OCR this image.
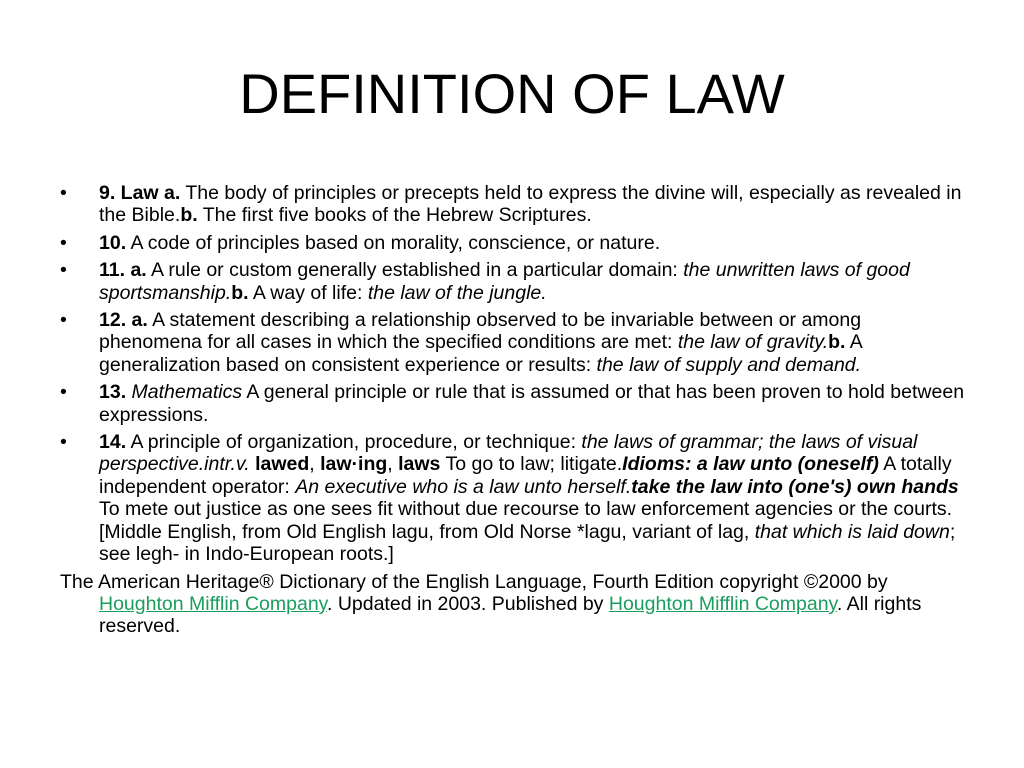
DEFINITION OF LAW
• 9. Law a. The body of principles or precepts held to express the divine will, especially as revealed in the Bible.b. The first five books of the Hebrew Scriptures.
• 10. A code of principles based on morality, conscience, or nature.
• 11. a. A rule or custom generally established in a particular domain: the unwritten laws of good sportsmanship.b. A way of life: the law of the jungle.
• 12. a. A statement describing a relationship observed to be invariable between or among phenomena for all cases in which the specified conditions are met: the law of gravity.b. A generalization based on consistent experience or results: the law of supply and demand.
• 13. Mathematics A general principle or rule that is assumed or that has been proven to hold between expressions.
• 14. A principle of organization, procedure, or technique: the laws of grammar; the laws of visual perspective.intr.v. lawed, law·ing, laws To go to law; litigate.Idioms: a law unto (oneself) A totally independent operator: An executive who is a law unto herself.take the law into (one's) own hands To mete out justice as one sees fit without due recourse to law enforcement agencies or the courts.[Middle English, from Old English lagu, from Old Norse *lagu, variant of lag, that which is laid down; see legh- in Indo-European roots.]

The American Heritage® Dictionary of the English Language, Fourth Edition copyright ©2000 by Houghton Mifflin Company. Updated in 2003. Published by Houghton Mifflin Company. All rights reserved.
